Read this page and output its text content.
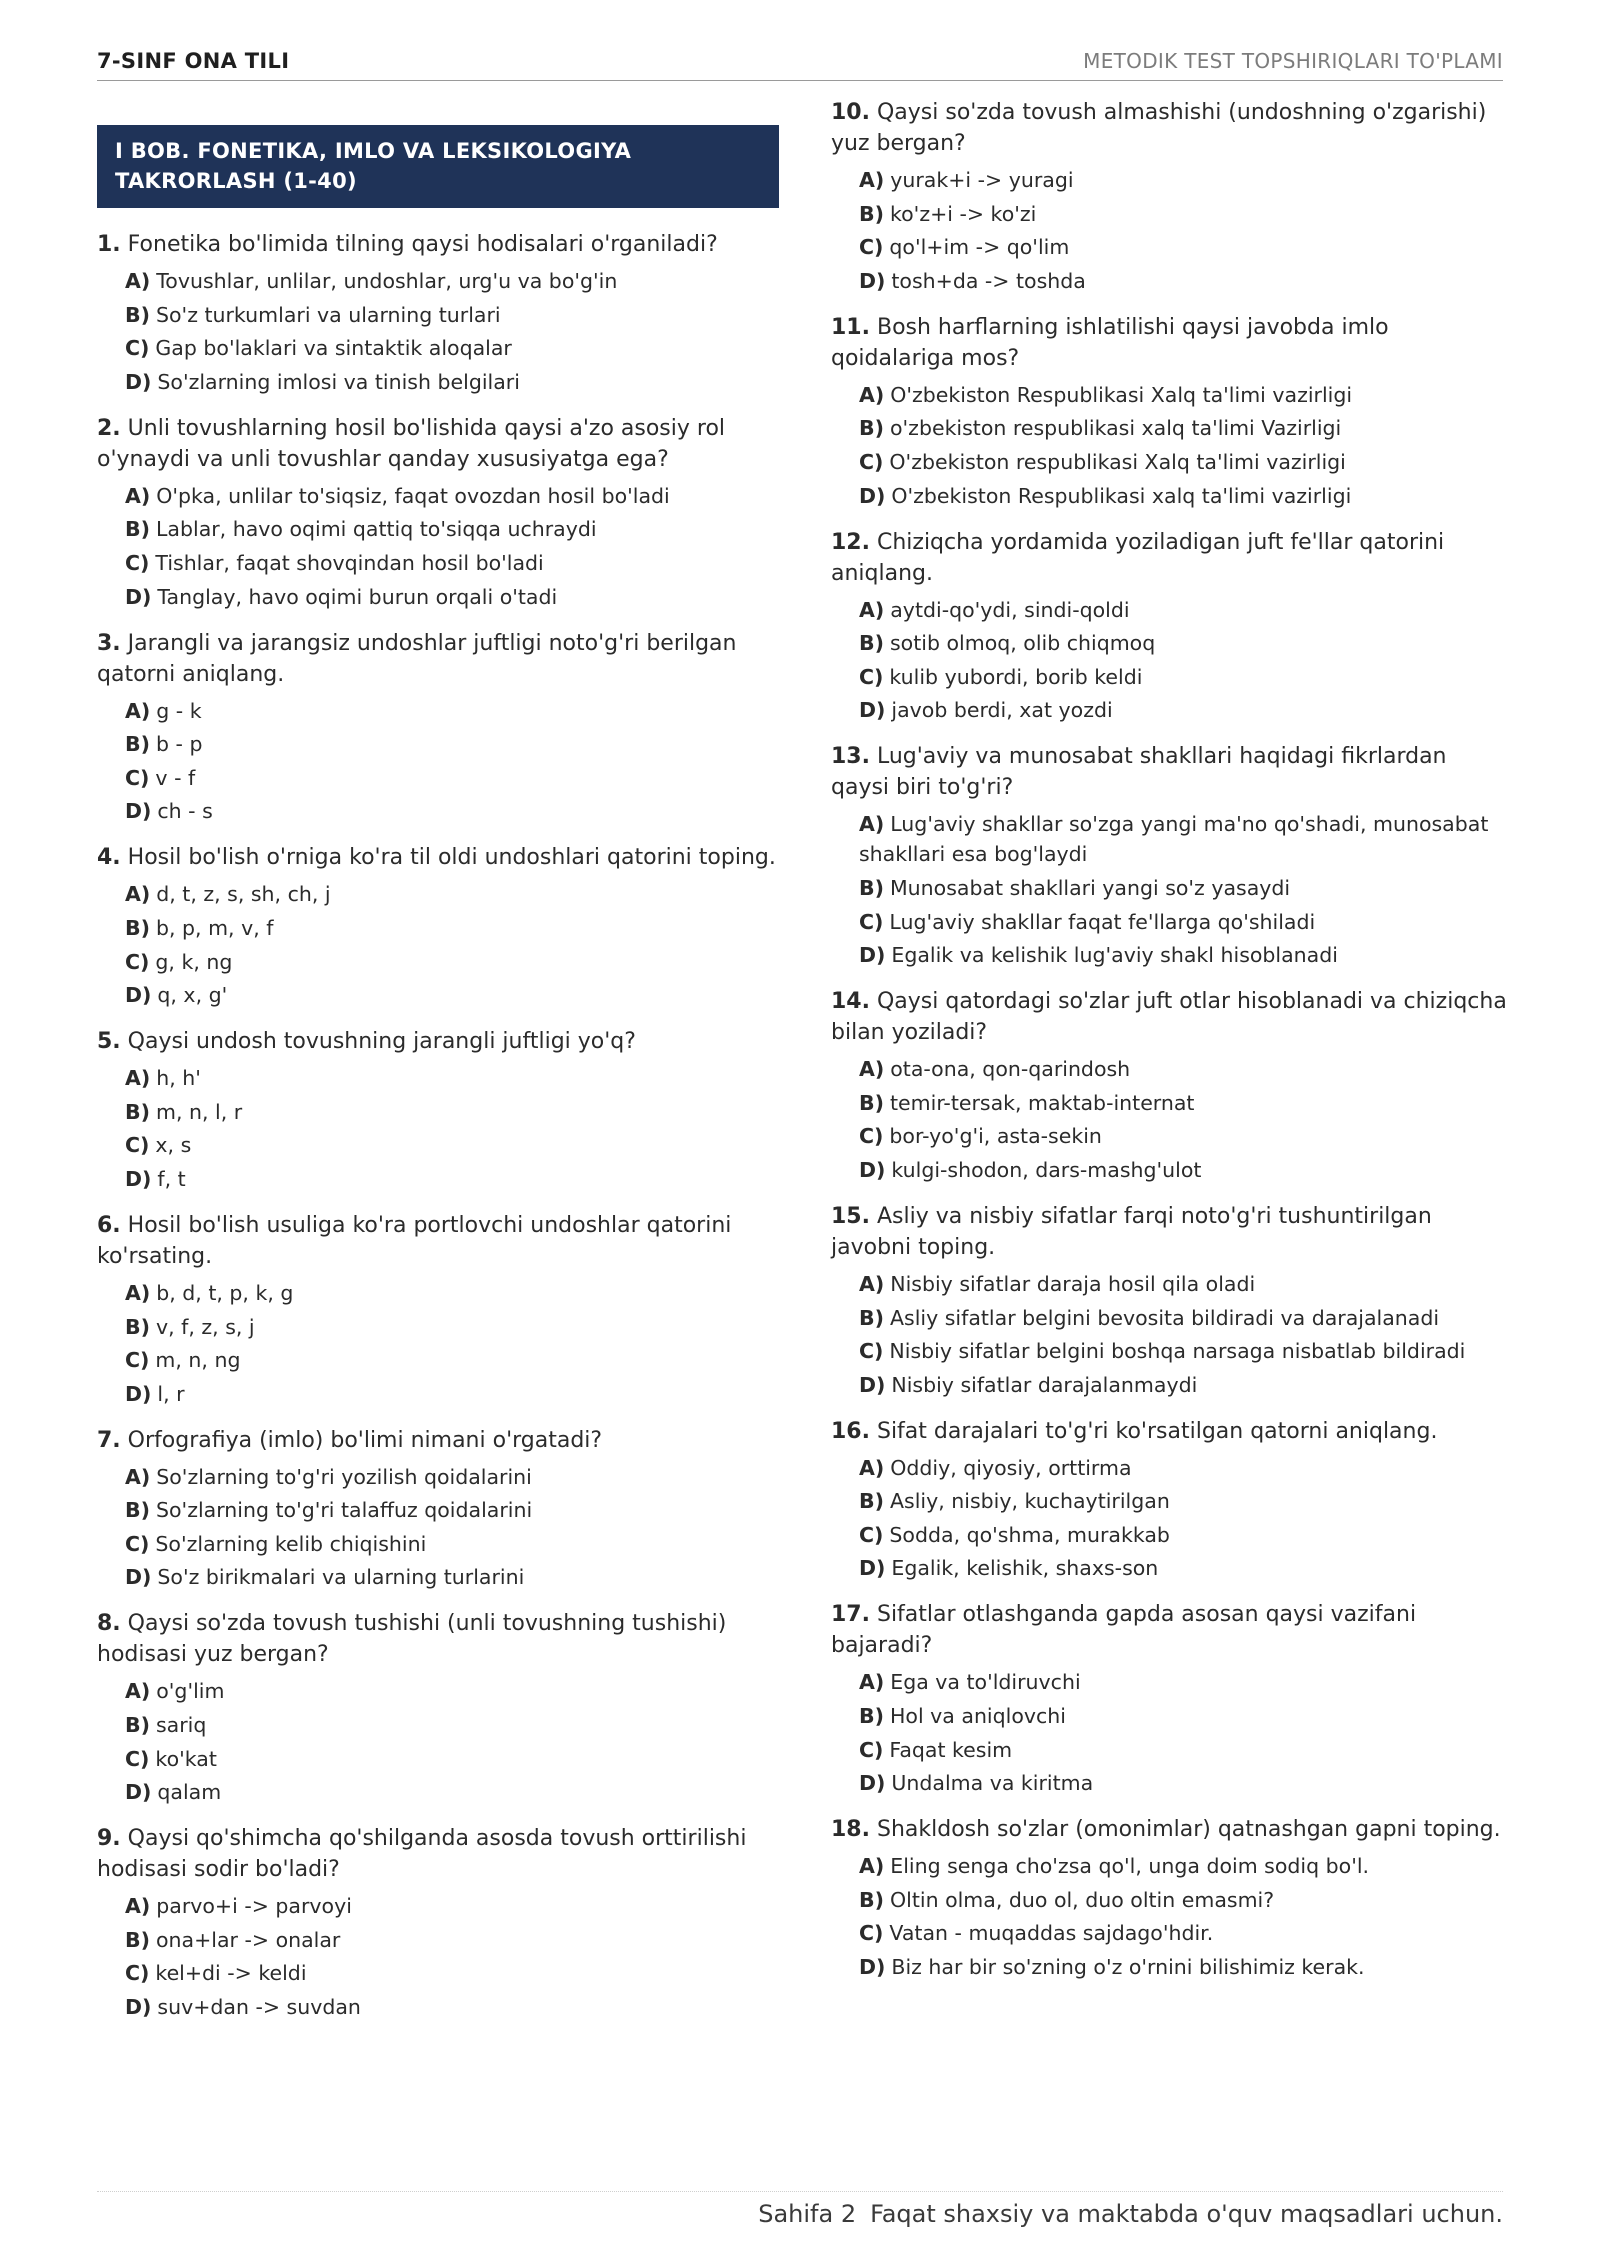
7-SINF ONA TILI	METODIK TEST TOPSHIRIQLARI TO'PLAMI
I BOB. FONETIKA, IMLO VA LEKSIKOLOGIYA TAKRORLASH (1-40)
1. Fonetika bo'limida tilning qaysi hodisalari o'rganiladi?
A) Tovushlar, unlilar, undoshlar, urg'u va bo'g'in
B) So'z turkumlari va ularning turlari
C) Gap bo'laklari va sintaktik aloqalar
D) So'zlarning imlosi va tinish belgilari
2. Unli tovushlarning hosil bo'lishida qaysi a'zo asosiy rol o'ynaydi va unli tovushlar qanday xususiyatga ega?
A) O'pka, unlilar to'siqsiz, faqat ovozdan hosil bo'ladi
B) Lablar, havo oqimi qattiq to'siqqa uchraydi
C) Tishlar, faqat shovqindan hosil bo'ladi
D) Tanglay, havo oqimi burun orqali o'tadi
3. Jarangli va jarangsiz undoshlar juftligi noto'g'ri berilgan qatorni aniqlang.
A) g - k
B) b - p
C) v - f
D) ch - s
4. Hosil bo'lish o'rniga ko'ra til oldi undoshlari qatorini toping.
A) d, t, z, s, sh, ch, j
B) b, p, m, v, f
C) g, k, ng
D) q, x, g'
5. Qaysi undosh tovushning jarangli juftligi yo'q?
A) h, h'
B) m, n, l, r
C) x, s
D) f, t
6. Hosil bo'lish usuliga ko'ra portlovchi undoshlar qatorini ko'rsating.
A) b, d, t, p, k, g
B) v, f, z, s, j
C) m, n, ng
D) l, r
7. Orfografiya (imlo) bo'limi nimani o'rgatadi?
A) So'zlarning to'g'ri yozilish qoidalarini
B) So'zlarning to'g'ri talaffuz qoidalarini
C) So'zlarning kelib chiqishini
D) So'z birikmalari va ularning turlarini
8. Qaysi so'zda tovush tushishi (unli tovushning tushishi) hodisasi yuz bergan?
A) o'g'lim
B) sariq
C) ko'kat
D) qalam
9. Qaysi qo'shimcha qo'shilganda asosda tovush orttirilishi hodisasi sodir bo'ladi?
A) parvo+i -> parvoyi
B) ona+lar -> onalar
C) kel+di -> keldi
D) suv+dan -> suvdan
10. Qaysi so'zda tovush almashishi (undoshning o'zgarishi) yuz bergan?
A) yurak+i -> yuragi
B) ko'z+i -> ko'zi
C) qo'l+im -> qo'lim
D) tosh+da -> toshda
11. Bosh harflarning ishlatilishi qaysi javobda imlo qoidalariga mos?
A) O'zbekiston Respublikasi Xalq ta'limi vazirligi
B) o'zbekiston respublikasi xalq ta'limi Vazirligi
C) O'zbekiston respublikasi Xalq ta'limi vazirligi
D) O'zbekiston Respublikasi xalq ta'limi vazirligi
12. Chiziqcha yordamida yoziladigan juft fe'llar qatorini aniqlang.
A) aytdi-qo'ydi, sindi-qoldi
B) sotib olmoq, olib chiqmoq
C) kulib yubordi, borib keldi
D) javob berdi, xat yozdi
13. Lug'aviy va munosabat shakllari haqidagi fikrlardan qaysi biri to'g'ri?
A) Lug'aviy shakllar so'zga yangi ma'no qo'shadi, munosabat shakllari esa bog'laydi
B) Munosabat shakllari yangi so'z yasaydi
C) Lug'aviy shakllar faqat fe'llarga qo'shiladi
D) Egalik va kelishik lug'aviy shakl hisoblanadi
14. Qaysi qatordagi so'zlar juft otlar hisoblanadi va chiziqcha bilan yoziladi?
A) ota-ona, qon-qarindosh
B) temir-tersak, maktab-internat
C) bor-yo'g'i, asta-sekin
D) kulgi-shodon, dars-mashg'ulot
15. Asliy va nisbiy sifatlar farqi noto'g'ri tushuntirilgan javobni toping.
A) Nisbiy sifatlar daraja hosil qila oladi
B) Asliy sifatlar belgini bevosita bildiradi va darajalanadi
C) Nisbiy sifatlar belgini boshqa narsaga nisbatlab bildiradi
D) Nisbiy sifatlar darajalanmaydi
16. Sifat darajalari to'g'ri ko'rsatilgan qatorni aniqlang.
A) Oddiy, qiyosiy, orttirma
B) Asliy, nisbiy, kuchaytirilgan
C) Sodda, qo'shma, murakkab
D) Egalik, kelishik, shaxs-son
17. Sifatlar otlashganda gapda asosan qaysi vazifani bajaradi?
A) Ega va to'ldiruvchi
B) Hol va aniqlovchi
C) Faqat kesim
D) Undalma va kiritma
18. Shakldosh so'zlar (omonimlar) qatnashgan gapni toping.
A) Eling senga cho'zsa qo'l, unga doim sodiq bo'l.
B) Oltin olma, duo ol, duo oltin emasmi?
C) Vatan - muqaddas sajdago'hdir.
D) Biz har bir so'zning o'z o'rnini bilishimiz kerak.
Sahifa 2 Faqat shaxsiy va maktabda o'quv maqsadlari uchun.
